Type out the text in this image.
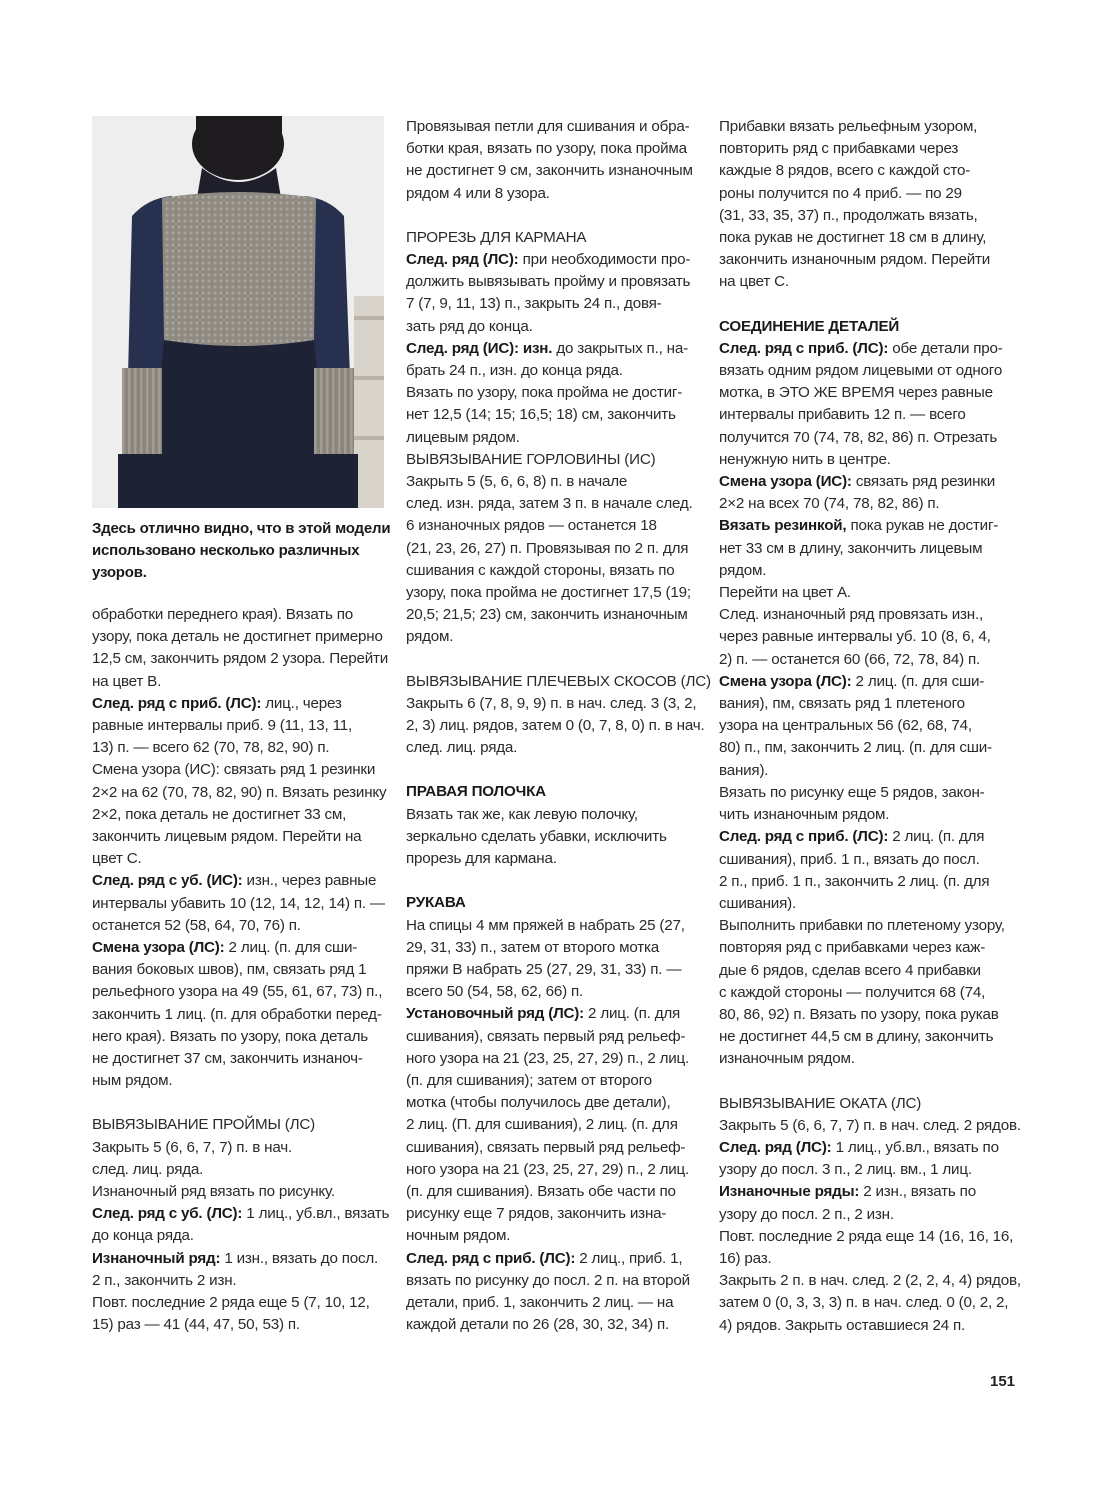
Здесь отлично видно, что в этой модели
использовано несколько различных
узоров.
обработки переднего края). Вязать по
узору, пока деталь не достигнет примерно
12,5 см, закончить рядом 2 узора. Перейти
на цвет В.
След. ряд с приб. (ЛС): лиц., через
равные интервалы приб. 9 (11, 13, 11,
13) п. — всего 62 (70, 78, 82, 90) п.
Смена узора (ИС): связать ряд 1 резинки
2×2 на 62 (70, 78, 82, 90) п. Вязать резинку
2×2, пока деталь не достигнет 33 см,
закончить лицевым рядом. Перейти на
цвет С.
След. ряд с уб. (ИС): изн., через равные
интервалы убавить 10 (12, 14, 12, 14) п. —
останется 52 (58, 64, 70, 76) п.
Смена узора (ЛС): 2 лиц. (п. для сши-
вания боковых швов), пм, связать ряд 1
рельефного узора на 49 (55, 61, 67, 73) п.,
закончить 1 лиц. (п. для обработки перед-
него края). Вязать по узору, пока деталь
не достигнет 37 см, закончить изнаноч-
ным рядом.
ВЫВЯЗЫВАНИЕ ПРОЙМЫ (ЛС)
Закрыть 5 (6, 6, 7, 7) п. в нач.
след. лиц. ряда.
Изнаночный ряд вязать по рисунку.
След. ряд с уб. (ЛС): 1 лиц., уб.вл., вязать
до конца ряда.
Изнаночный ряд: 1 изн., вязать до посл.
2 п., закончить 2 изн.
Повт. последние 2 ряда еще 5 (7, 10, 12,
15) раз — 41 (44, 47, 50, 53) п.
Провязывая петли для сшивания и обра-
ботки края, вязать по узору, пока пройма
не достигнет 9 см, закончить изнаночным
рядом 4 или 8 узора.
ПРОРЕЗЬ ДЛЯ КАРМАНА
След. ряд (ЛС): при необходимости про-
должить вывязывать пройму и провязать
7 (7, 9, 11, 13) п., закрыть 24 п., довя-
зать ряд до конца.
След. ряд (ИС): изн. до закрытых п., на-
брать 24 п., изн. до конца ряда.
Вязать по узору, пока пройма не достиг-
нет 12,5 (14; 15; 16,5; 18) см, закончить
лицевым рядом.
ВЫВЯЗЫВАНИЕ ГОРЛОВИНЫ (ИС)
Закрыть 5 (5, 6, 6, 8) п. в начале
след. изн. ряда, затем 3 п. в начале след.
6 изнаночных рядов — останется 18
(21, 23, 26, 27) п. Провязывая по 2 п. для
сшивания с каждой стороны, вязать по
узору, пока пройма не достигнет 17,5 (19;
20,5; 21,5; 23) см, закончить изнаночным
рядом.
ВЫВЯЗЫВАНИЕ ПЛЕЧЕВЫХ СКОСОВ (ЛС)
Закрыть 6 (7, 8, 9, 9) п. в нач. след. 3 (3, 2,
2, 3) лиц. рядов, затем 0 (0, 7, 8, 0) п. в нач.
след. лиц. ряда.
ПРАВАЯ ПОЛОЧКА
Вязать так же, как левую полочку,
зеркально сделать убавки, исключить
прорезь для кармана.
РУКАВА
На спицы 4 мм пряжей в набрать 25 (27,
29, 31, 33) п., затем от второго мотка
пряжи В набрать 25 (27, 29, 31, 33) п. —
всего 50 (54, 58, 62, 66) п.
Установочный ряд (ЛС): 2 лиц. (п. для
сшивания), связать первый ряд рельеф-
ного узора на 21 (23, 25, 27, 29) п., 2 лиц.
(п. для сшивания); затем от второго
мотка (чтобы получилось две детали),
2 лиц. (П. для сшивания), 2 лиц. (п. для
сшивания), связать первый ряд рельеф-
ного узора на 21 (23, 25, 27, 29) п., 2 лиц.
(п. для сшивания). Вязать обе части по
рисунку еще 7 рядов, закончить изна-
ночным рядом.
След. ряд с приб. (ЛС): 2 лиц., приб. 1,
вязать по рисунку до посл. 2 п. на второй
детали, приб. 1, закончить 2 лиц. — на
каждой детали по 26 (28, 30, 32, 34) п.
Прибавки вязать рельефным узором,
повторить ряд с прибавками через
каждые 8 рядов, всего с каждой сто-
роны получится по 4 приб. — по 29
(31, 33, 35, 37) п., продолжать вязать,
пока рукав не достигнет 18 см в длину,
закончить изнаночным рядом. Перейти
на цвет С.
СОЕДИНЕНИЕ ДЕТАЛЕЙ
След. ряд с приб. (ЛС): обе детали про-
вязать одним рядом лицевыми от одного
мотка, в ЭТО ЖЕ ВРЕМЯ через равные
интервалы прибавить 12 п. — всего
получится 70 (74, 78, 82, 86) п. Отрезать
ненужную нить в центре.
Смена узора (ИС): связать ряд резинки
2×2 на всех 70 (74, 78, 82, 86) п.
Вязать резинкой, пока рукав не достиг-
нет 33 см в длину, закончить лицевым
рядом.
Перейти на цвет А.
След. изнаночный ряд провязать изн.,
через равные интервалы уб. 10 (8, 6, 4,
2) п. — останется 60 (66, 72, 78, 84) п.
Смена узора (ЛС): 2 лиц. (п. для сши-
вания), пм, связать ряд 1 плетеного
узора на центральных 56 (62, 68, 74,
80) п., пм, закончить 2 лиц. (п. для сши-
вания).
Вязать по рисунку еще 5 рядов, закон-
чить изнаночным рядом.
След. ряд с приб. (ЛС): 2 лиц. (п. для
сшивания), приб. 1 п., вязать до посл.
2 п., приб. 1 п., закончить 2 лиц. (п. для
сшивания).
Выполнить прибавки по плетеному узору,
повторяя ряд с прибавками через каж-
дые 6 рядов, сделав всего 4 прибавки
с каждой стороны — получится 68 (74,
80, 86, 92) п. Вязать по узору, пока рукав
не достигнет 44,5 см в длину, закончить
изнаночным рядом.
ВЫВЯЗЫВАНИЕ ОКАТА (ЛС)
Закрыть 5 (6, 6, 7, 7) п. в нач. след. 2 рядов.
След. ряд (ЛС): 1 лиц., уб.вл., вязать по
узору до посл. 3 п., 2 лиц. вм., 1 лиц.
Изнаночные ряды: 2 изн., вязать по
узору до посл. 2 п., 2 изн.
Повт. последние 2 ряда еще 14 (16, 16, 16,
16) раз.
Закрыть 2 п. в нач. след. 2 (2, 2, 4, 4) рядов,
затем 0 (0, 3, 3, 3) п. в нач. след. 0 (0, 2, 2,
4) рядов. Закрыть оставшиеся 24 п.
151
